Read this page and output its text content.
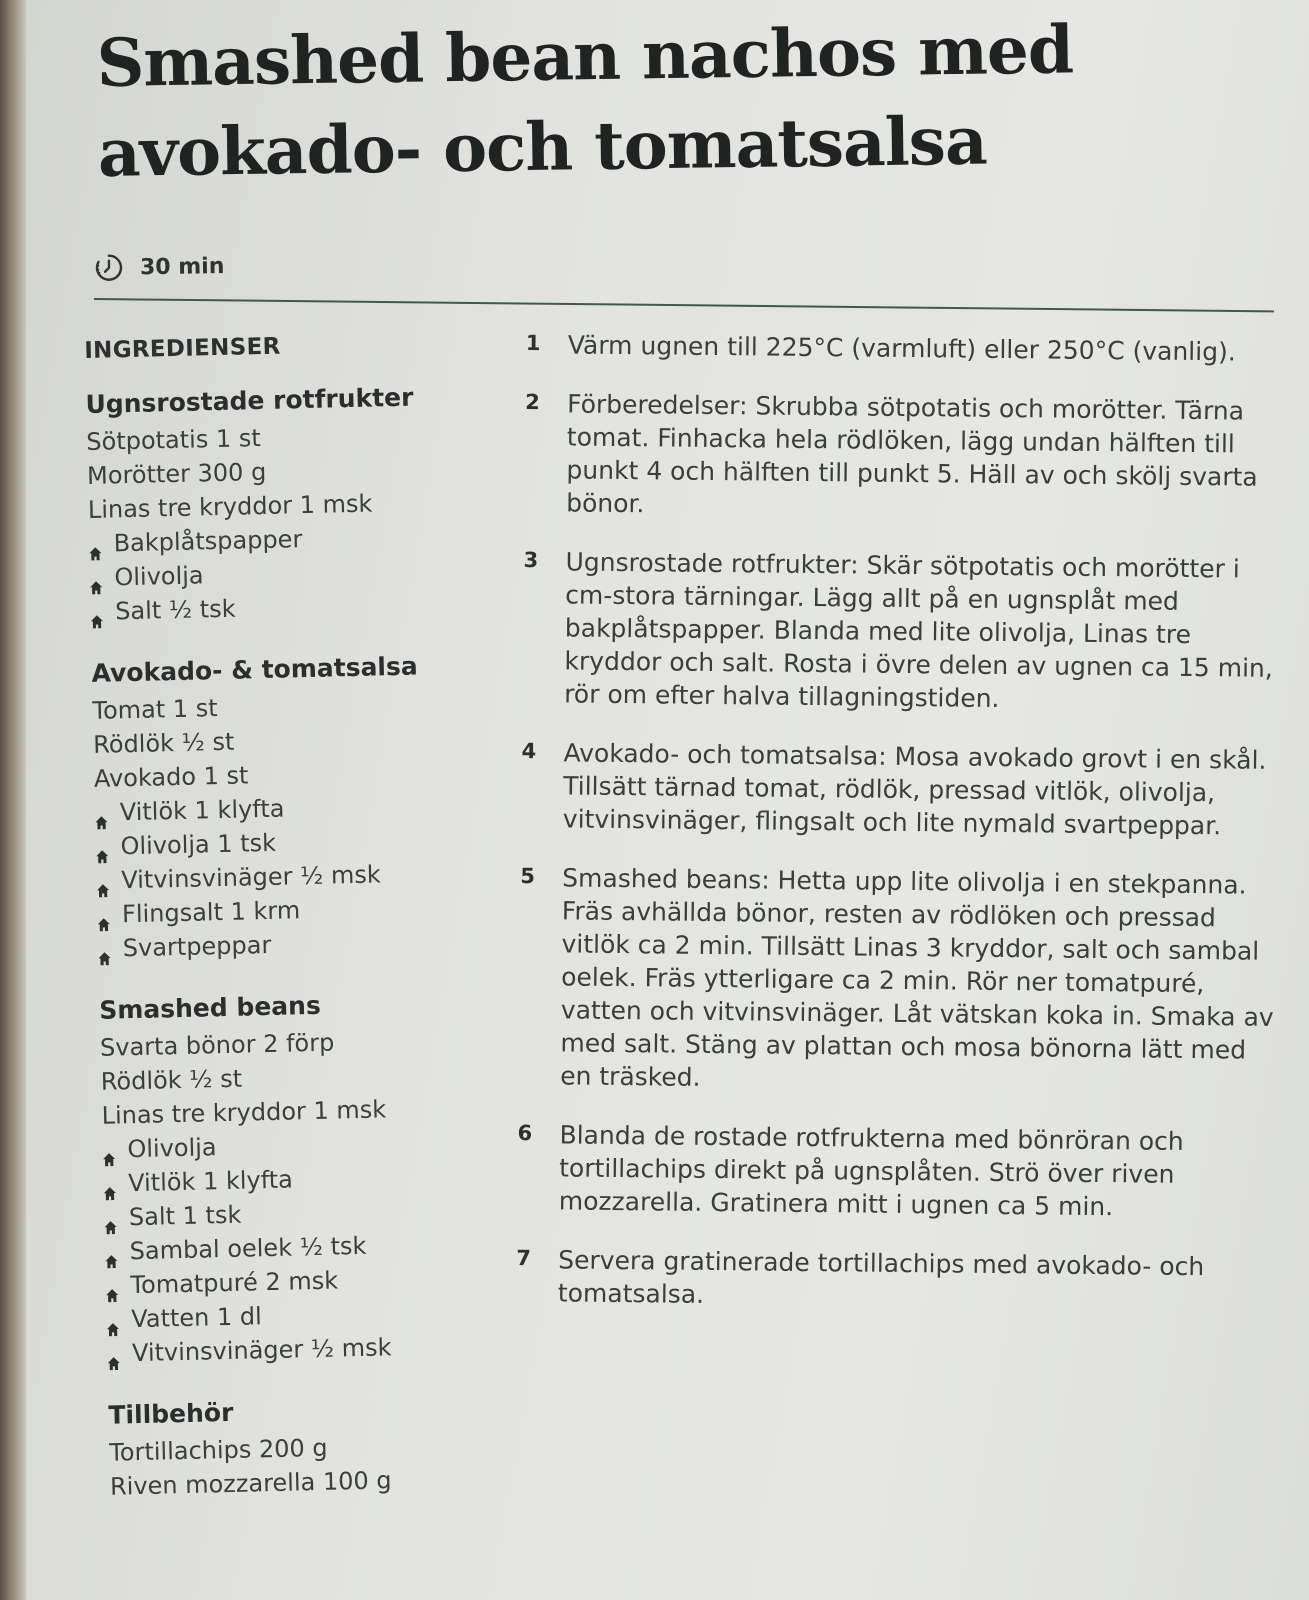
Smashed bean nachos med avokado- och tomatsalsa
30 min
INGREDIENSER
Ugnsrostade rotfrukter
Sötpotatis 1 st
Morötter 300 g
Linas tre kryddor 1 msk
Bakplåtspapper
Olivolja
Salt ½ tsk
Avokado- & tomatsalsa
Tomat 1 st
Rödlök ½ st
Avokado 1 st
Vitlök 1 klyfta
Olivolja 1 tsk
Vitvinsvinäger ½ msk
Flingsalt 1 krm
Svartpeppar
Smashed beans
Svarta bönor 2 förp
Rödlök ½ st
Linas tre kryddor 1 msk
Olivolja
Vitlök 1 klyfta
Salt 1 tsk
Sambal oelek ½ tsk
Tomatpuré 2 msk
Vatten 1 dl
Vitvinsvinäger ½ msk
Tillbehör
Tortillachips 200 g
Riven mozzarella 100 g
1	Värm ugnen till 225°C (varmluft) eller 250°C (vanlig).

2	Förberedelser: Skrubba sötpotatis och morötter. Tärna tomat. Finhacka hela rödlöken, lägg undan hälften till punkt 4 och hälften till punkt 5. Häll av och skölj svarta bönor.

3	Ugnsrostade rotfrukter: Skär sötpotatis och morötter i cm-stora tärningar. Lägg allt på en ugnsplåt med bakplåtspapper. Blanda med lite olivolja, Linas tre kryddor och salt. Rosta i övre delen av ugnen ca 15 min, rör om efter halva tillagningstiden.

4	Avokado- och tomatsalsa: Mosa avokado grovt i en skål. Tillsätt tärnad tomat, rödlök, pressad vitlök, olivolja, vitvinsvinäger, flingsalt och lite nymald svartpeppar.

5	Smashed beans: Hetta upp lite olivolja i en stekpanna. Fräs avhällda bönor, resten av rödlöken och pressad vitlök ca 2 min. Tillsätt Linas 3 kryddor, salt och sambal oelek. Fräs ytterligare ca 2 min. Rör ner tomatpuré, vatten och vitvinsvinäger. Låt vätskan koka in. Smaka av med salt. Stäng av plattan och mosa bönorna lätt med en träsked.

6	Blanda de rostade rotfrukterna med bönröran och tortillachips direkt på ugnsplåten. Strö över riven mozzarella. Gratinera mitt i ugnen ca 5 min.

7	Servera gratinerade tortillachips med avokado- och tomatsalsa.
